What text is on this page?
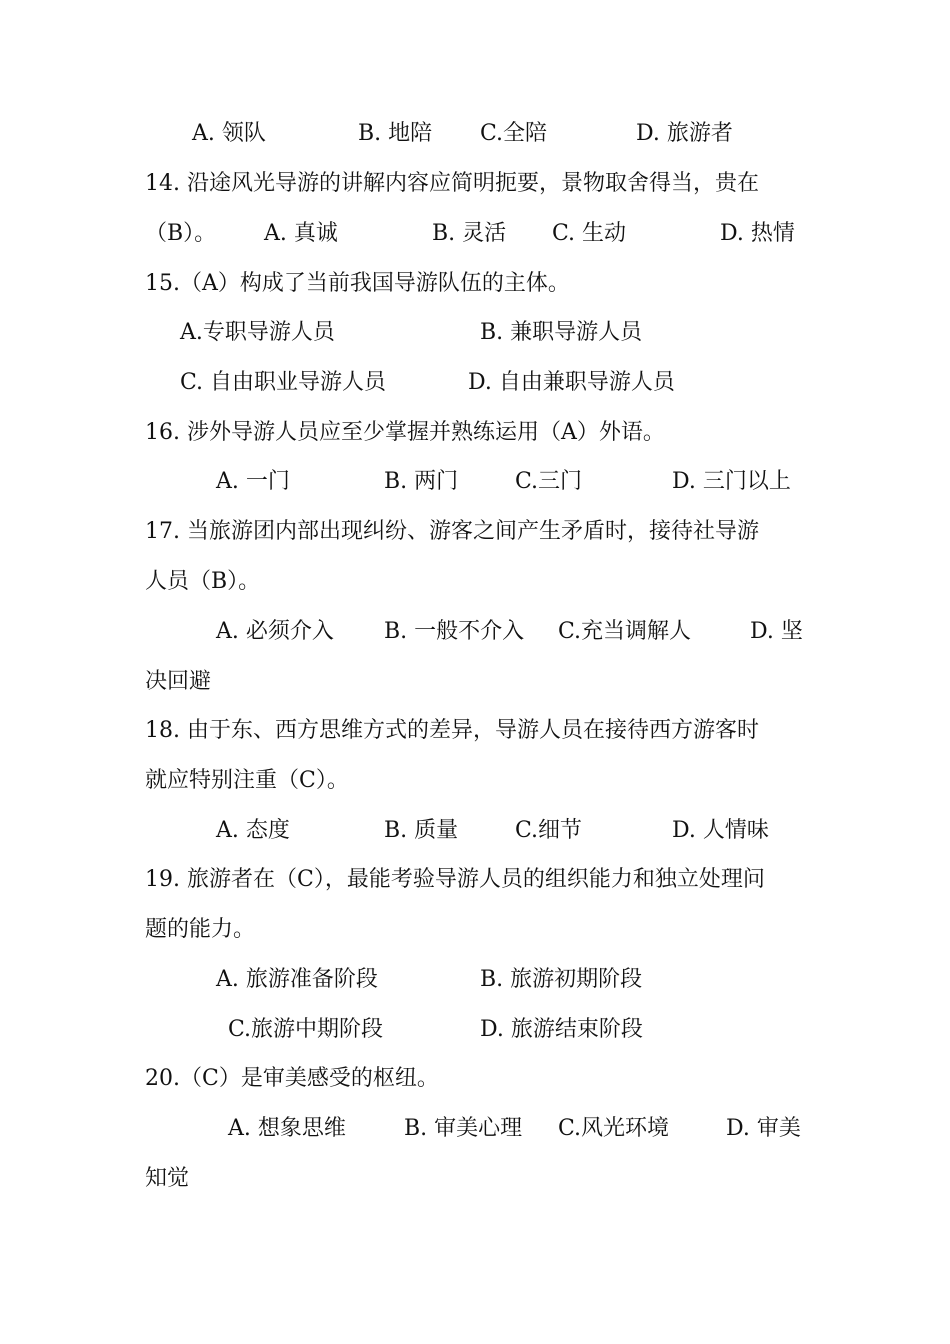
A. 领队	B. 地陪 C.全陪	D. 旅游者
14. 沿途风光导游的讲解内容应简明扼要，景物取舍得当，贵在
（B）。 A. 真诚	B. 灵活 C. 生动	D. 热情
15.（A）构成了当前我国导游队伍的主体。
A.专职导游人员	B. 兼职导游人员
C. 自由职业导游人员	D. 自由兼职导游人员
16. 涉外导游人员应至少掌握并熟练运用（A）外语。
A. 一门	B. 两门	C.三门	D. 三门以上
17. 当旅游团内部出现纠纷、游客之间产生矛盾时，接待社导游
人员（B）。
A. 必须介入 B. 一般不介入 C.充当调解人	D. 坚
决回避
18. 由于东、西方思维方式的差异，导游人员在接待西方游客时
就应特别注重（C）。
A. 态度	B. 质量	C.细节	D. 人情味
19. 旅游者在（C），最能考验导游人员的组织能力和独立处理问
题的能力。
A. 旅游准备阶段	B. 旅游初期阶段
C.旅游中期阶段	D. 旅游结束阶段
20.（C）是审美感受的枢纽。
A. 想象思维	B. 审美心理 C.风光环境	D. 审美
知觉
